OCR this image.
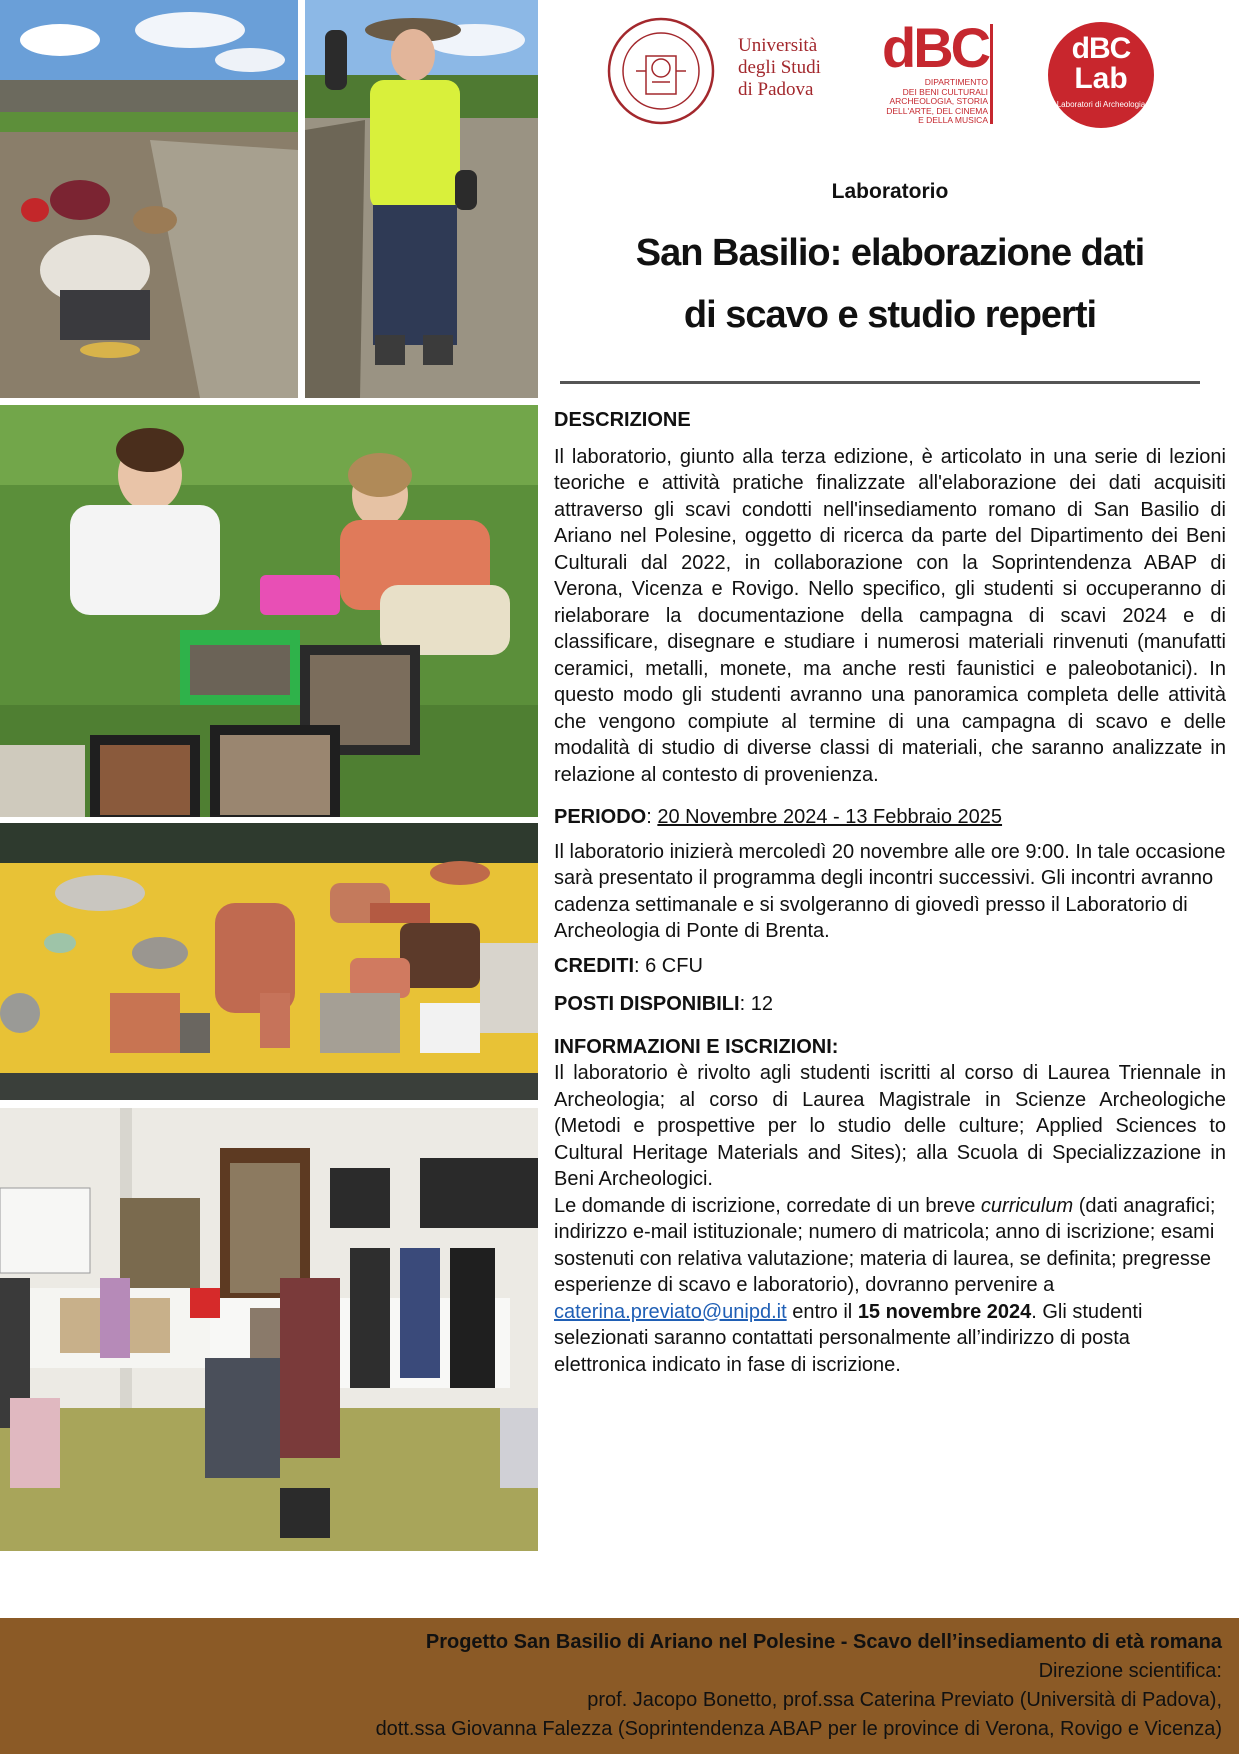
Università
degli Studi
di Padova
dBC
DIPARTIMENTO
DEI BENI CULTURALI
ARCHEOLOGIA, STORIA
DELL'ARTE, DEL CINEMA
E DELLA MUSICA
dBC
Lab
Laboratori di Archeologia
Laboratorio
San Basilio: elaborazione dati
di scavo e studio reperti

DESCRIZIONE

Il laboratorio, giunto alla terza edizione, è articolato in una serie di lezioni teoriche e attività pratiche finalizzate all'elaborazione dei dati acquisiti attraverso gli scavi condotti nell'insediamento romano di San Basilio di Ariano nel Polesine, oggetto di ricerca da parte del Dipartimento dei Beni Culturali dal 2022, in collaborazione con la Soprintendenza ABAP di Verona, Vicenza e Rovigo. Nello specifico, gli studenti si occuperanno di rielaborare la documentazione della campagna di scavi 2024 e di classificare, disegnare e studiare i numerosi materiali rinvenuti (manufatti ceramici, metalli, monete, ma anche resti faunistici e paleobotanici). In questo modo gli studenti avranno una panoramica completa delle attività che vengono compiute al termine di una campagna di scavo e delle modalità di studio di diverse classi di materiali, che saranno analizzate in relazione al contesto di provenienza.

PERIODO: 20 Novembre 2024 - 13 Febbraio 2025

Il laboratorio inizierà mercoledì 20 novembre alle ore 9:00. In tale occasione sarà presentato il programma degli incontri successivi. Gli incontri avranno cadenza settimanale e si svolgeranno di giovedì presso il Laboratorio di Archeologia di Ponte di Brenta.

CREDITI: 6 CFU

POSTI DISPONIBILI: 12

INFORMAZIONI E ISCRIZIONI:

Il laboratorio è rivolto agli studenti iscritti al corso di Laurea Triennale in Archeologia; al corso di Laurea Magistrale in Scienze Archeologiche (Metodi e prospettive per lo studio delle culture; Applied Sciences to Cultural Heritage Materials and Sites); alla Scuola di Specializzazione in Beni Archeologici.

Le domande di iscrizione, corredate di un breve curriculum (dati anagrafici; indirizzo e-mail istituzionale; numero di matricola; anno di iscrizione; esami sostenuti con relativa valutazione; materia di laurea, se definita; pregresse esperienze di scavo e laboratorio), dovranno pervenire a caterina.previato@unipd.it entro il 15 novembre 2024. Gli studenti selezionati saranno contattati personalmente all’indirizzo di posta elettronica indicato in fase di iscrizione.

Progetto San Basilio di Ariano nel Polesine - Scavo dell’insediamento di età romana
Direzione scientifica:
prof. Jacopo Bonetto, prof.ssa Caterina Previato (Università di Padova),
dott.ssa Giovanna Falezza (Soprintendenza ABAP per le province di Verona, Rovigo e Vicenza)
